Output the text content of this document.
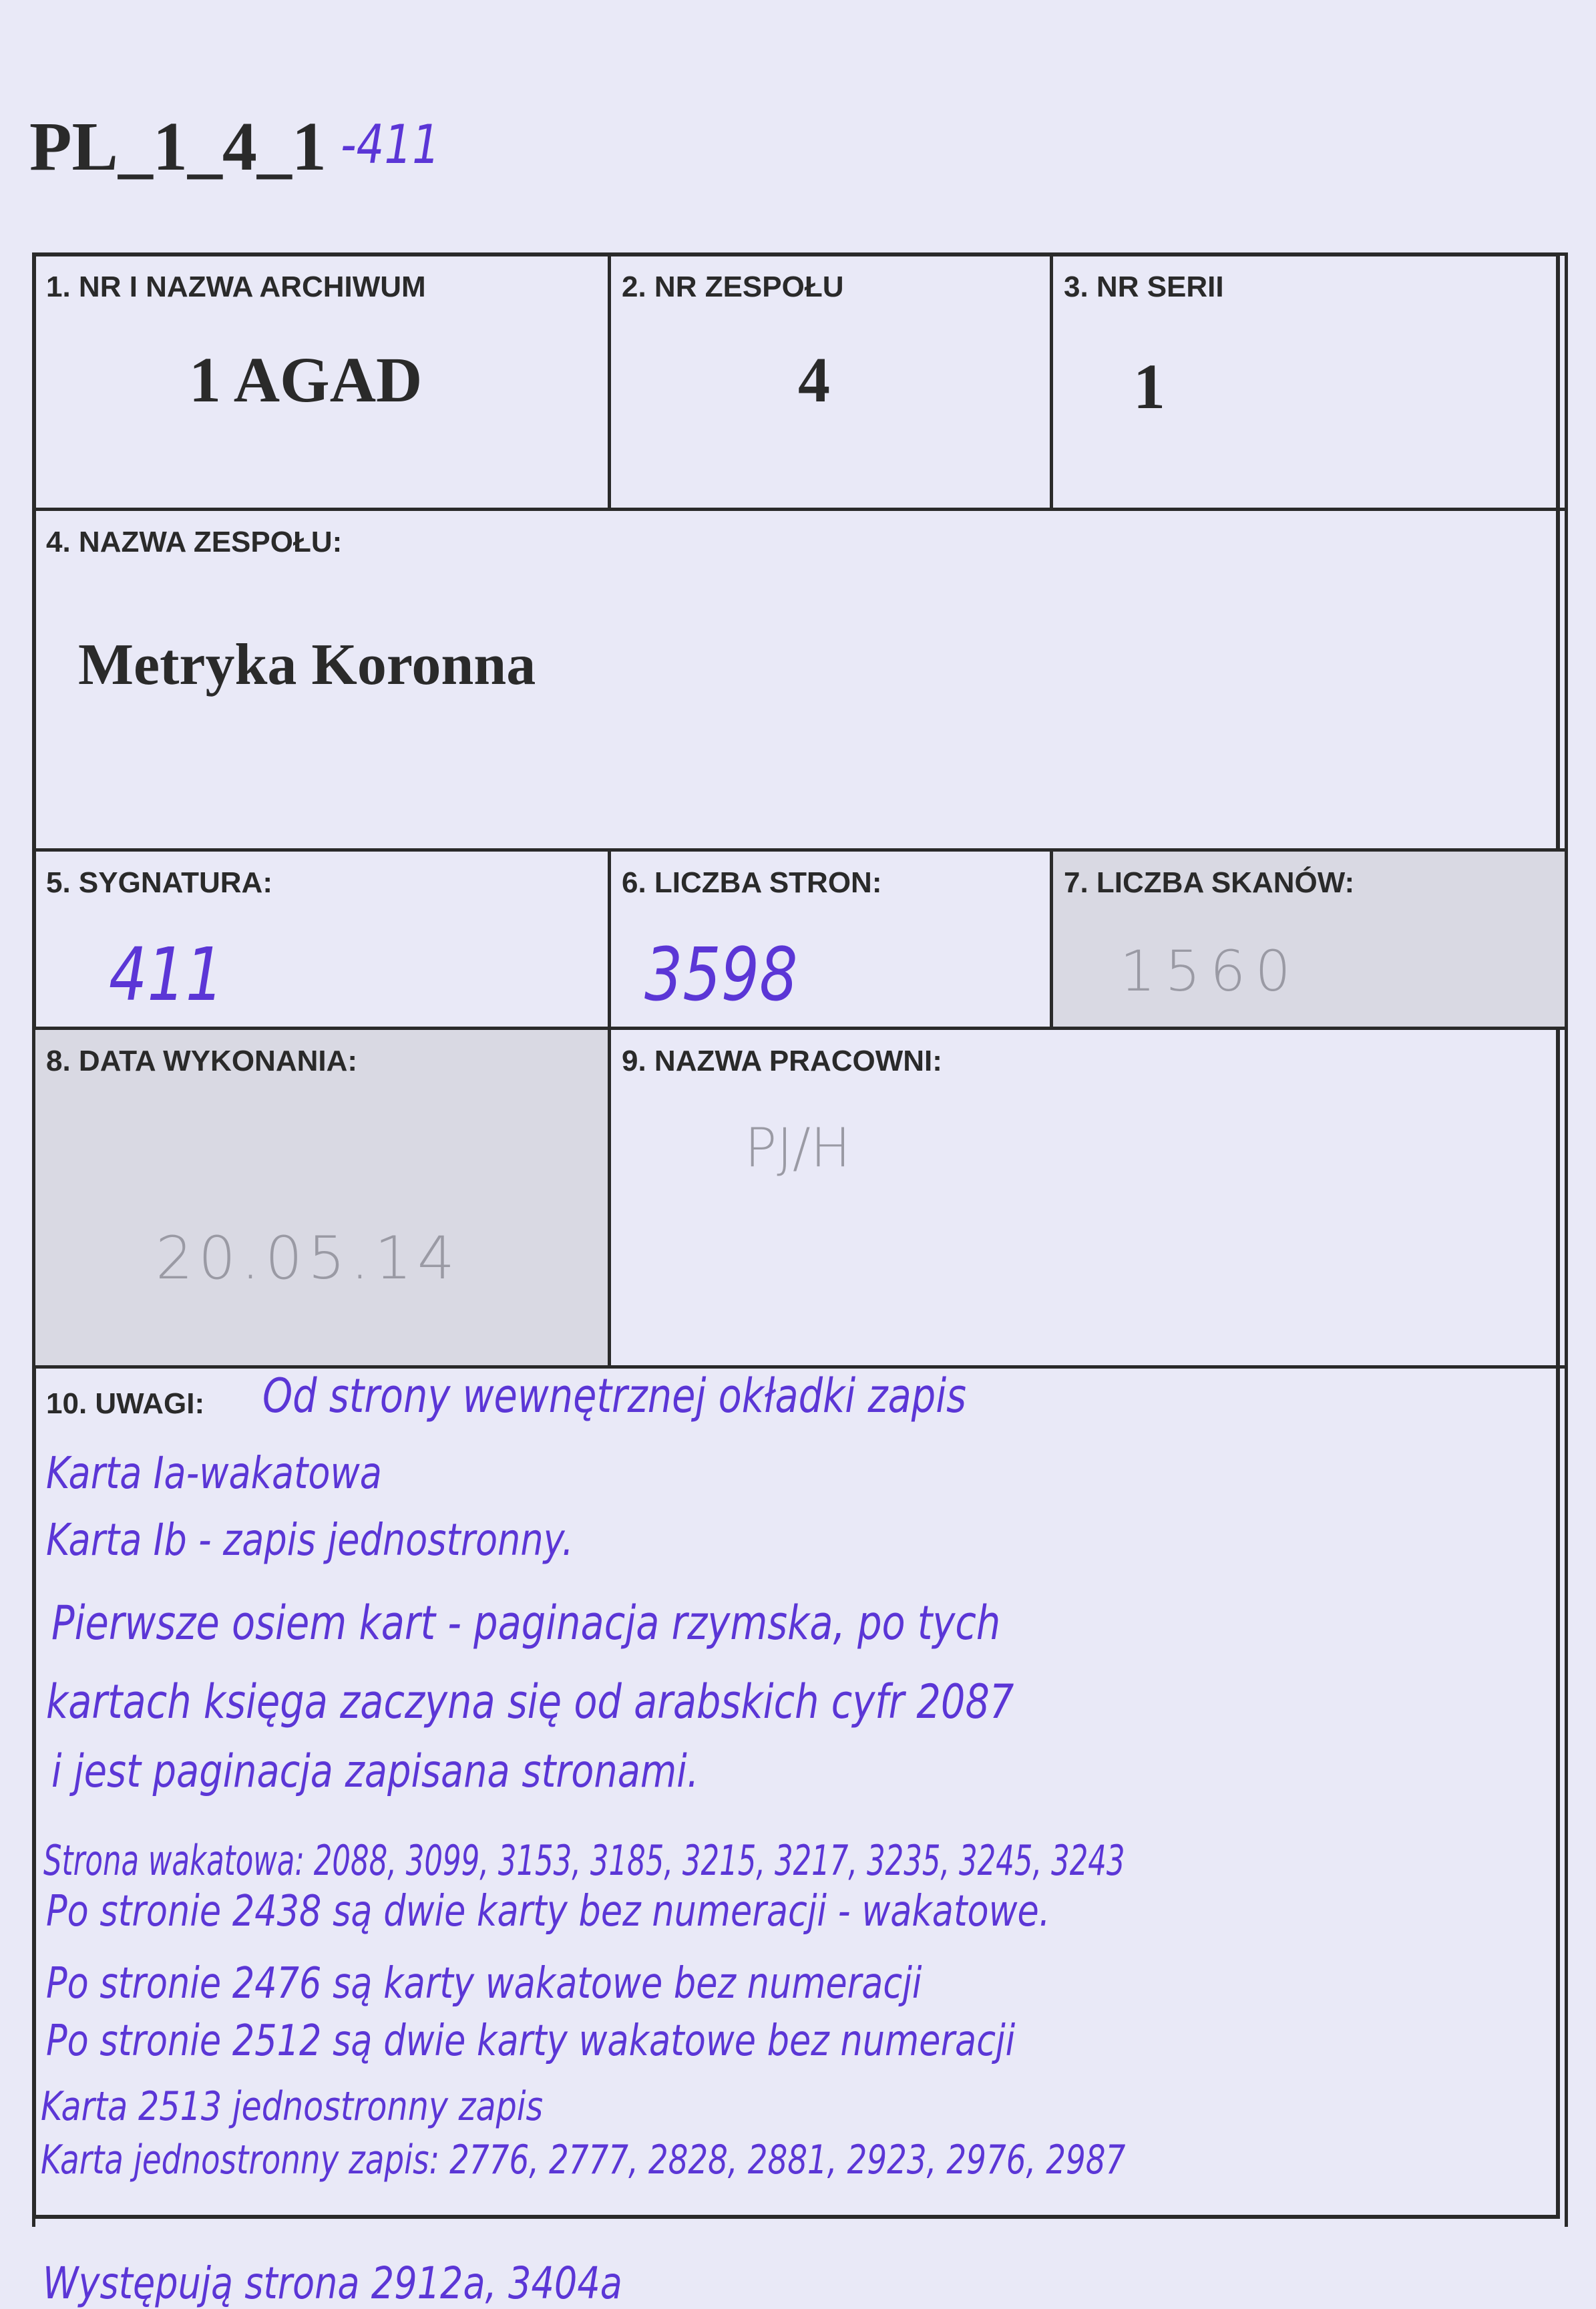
PL_1_4_1 -411
1. NR I NAZWA ARCHIWUM
1 AGAD
2. NR ZESPOŁU
4
3. NR SERII
1
4. NAZWA ZESPOŁU:
Metryka Koronna
5. SYGNATURA:
411
6. LICZBA STRON:
3598
7. LICZBA SKANÓW:
1560
8. DATA WYKONANIA:
20.05.14
9. NAZWA PRACOWNI:
PJ/H
10. UWAGI: Od strony wewnętrznej okładki zapis
Karta Ia-wakatowa
Karta Ib - zapis jednostronny.
Pierwsze osiem kart - paginacja rzymska, po tych
kartach księga zaczyna się od arabskich cyfr 2087
i jest paginacja zapisana stronami.
Strona wakatowa: 2088, 3099, 3153, 3185, 3215, 3217, 3235, 3245, 3243
Po stronie 2438 są dwie karty bez numeracji - wakatowe.
Po stronie 2476 są karty wakatowe bez numeracji
Po stronie 2512 są dwie karty wakatowe bez numeracji
Karta 2513 jednostronny zapis
Karta jednostronny zapis: 2776, 2777, 2828, 2881, 2923, 2976, 2987
Występują strona 2912a, 3404a
